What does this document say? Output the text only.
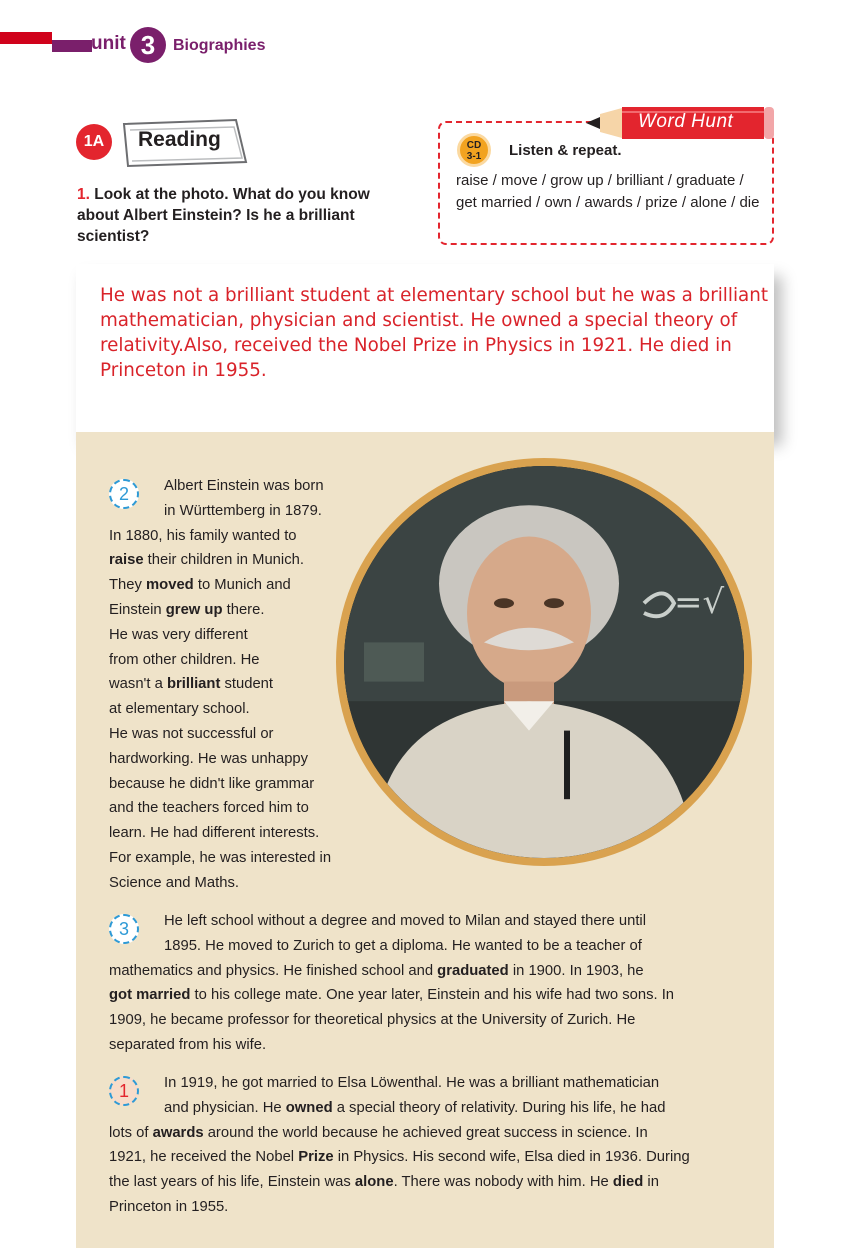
unit 3	Biographies
1A	Reading
1. Look at the photo. What do you know about Albert Einstein? Is he a brilliant scientist?
Word Hunt
CD
3-1	Listen & repeat.
raise / move / grow up / brilliant / graduate / get married / own / awards / prize / alone / die
He was not a brilliant student at elementary school but he was a brilliant mathematician, physician and scientist. He owned a special theory of relativity.Also, received the Nobel Prize in Physics in 1921. He died in Princeton in 1955.
=√
2	Albert Einstein was born
in Württemberg in 1879.
In 1880, his family wanted to
raise their children in Munich.
They moved to Munich and
Einstein grew up there.
He was very different
from other children. He
wasn't a brilliant student
at elementary school.
He was not successful or
hardworking. He was unhappy
because he didn't like grammar
and the teachers forced him to
learn. He had different interests.
For example, he was interested in
Science and Maths.
3	He left school without a degree and moved to Milan and stayed there until
1895. He moved to Zurich to get a diploma. He wanted to be a teacher of
mathematics and physics. He finished school and graduated in 1900. In 1903, he
got married to his college mate. One year later, Einstein and his wife had two sons. In
1909, he became professor for theoretical physics at the University of Zurich. He
separated from his wife.
1	In 1919, he got married to Elsa Löwenthal. He was a brilliant mathematician
and physician. He owned a special theory of relativity. During his life, he had
lots of awards around the world because he achieved great success in science. In
1921, he received the Nobel Prize in Physics. His second wife, Elsa died in 1936. During
the last years of his life, Einstein was alone. There was nobody with him. He died in
Princeton in 1955.
